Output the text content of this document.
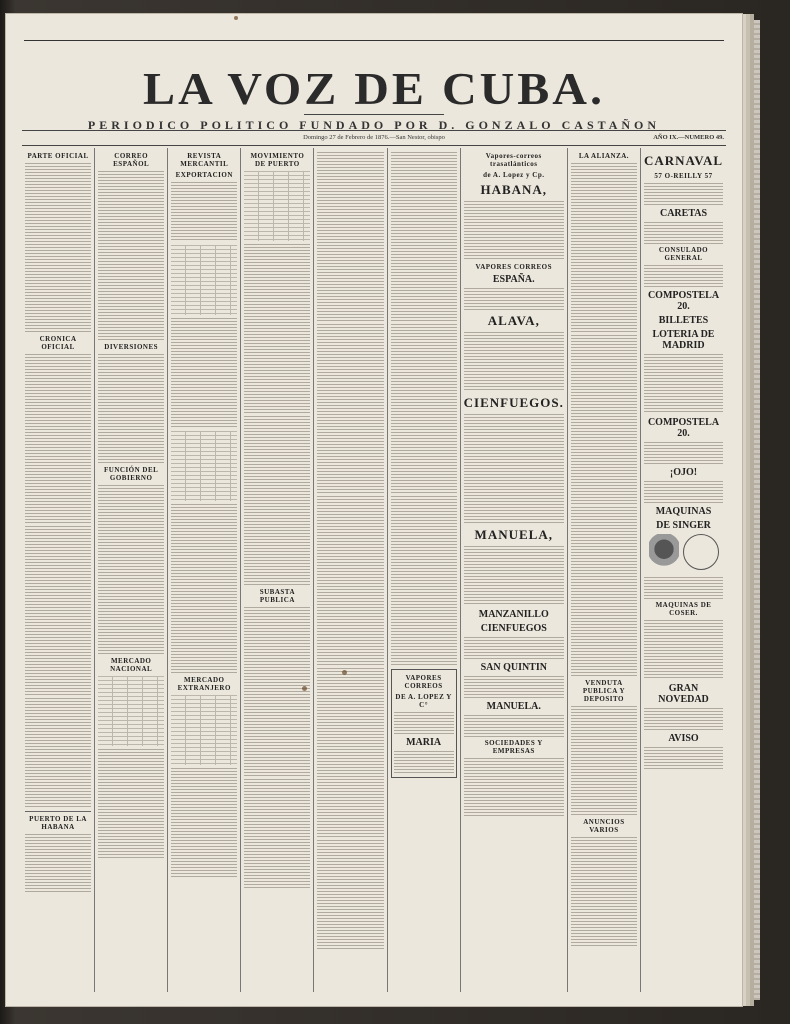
LA VOZ DE CUBA.
PERIODICO POLITICO FUNDADO POR D. GONZALO CASTAÑON
Domingo 27 de Febrero de 1876.—San Nestor, obispo	AÑO IX.—NUMERO 49.
PARTE OFICIAL
CRONICA OFICIAL
PUERTO DE LA HABANA
CORREO ESPAÑOL
DIVERSIONES
FUNCIÓN DEL GOBIERNO
MERCADO NACIONAL
REVISTA MERCANTIL
EXPORTACION
MERCADO EXTRANJERO
MOVIMIENTO DE PUERTO
SUBASTA PUBLICA
VAPORES CORREOS
DE A. LOPEZ Y C°
MARIA
Vapores-correos trasatlánticos
de A. Lopez y Cp.
HABANA,
VAPORES CORREOS
ESPAÑA.
ALAVA,
CIENFUEGOS.
MANUELA,
MANZANILLO
CIENFUEGOS
SAN QUINTIN
MANUELA.
SOCIEDADES Y EMPRESAS
LA ALIANZA.
VENDUTA PUBLICA Y DEPOSITO
ANUNCIOS VARIOS
CARNAVAL
57 O-REILLY 57
CARETAS
CONSULADO GENERAL
COMPOSTELA 20.
BILLETES
LOTERIA DE MADRID
COMPOSTELA 20.
¡OJO!
MAQUINAS
DE SINGER
MAQUINAS DE COSER.
GRAN NOVEDAD
AVISO
